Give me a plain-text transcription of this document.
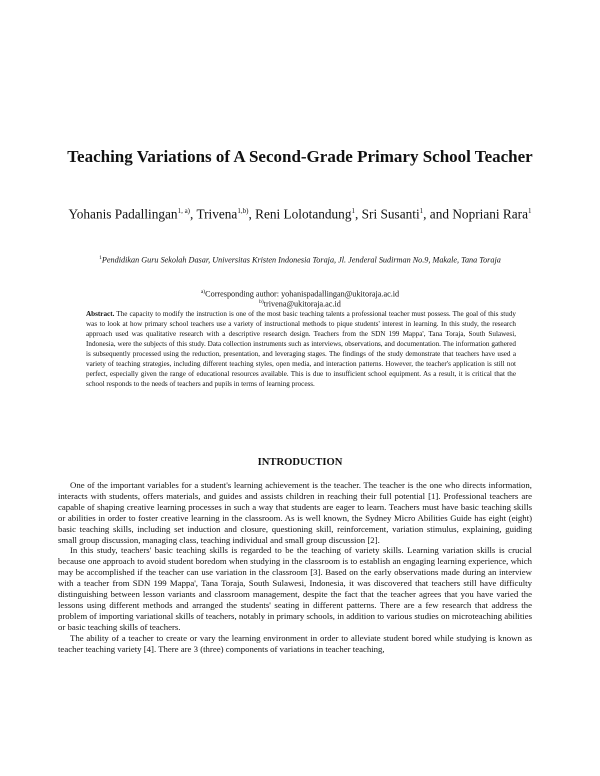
Teaching Variations of A Second-Grade Primary School Teacher
Yohanis Padallingan$^{1, a)}$, Trivena$^{1,b)}$, Reni Lolotandung$^1$, Sri Susanti$^1$, and Nopriani Rara$^1$
$^1$Pendidikan Guru Sekolah Dasar, Universitas Kristen Indonesia Toraja, Jl. Jenderal Sudirman No.9, Makale, Tana Toraja
$^{a)}$Corresponding author: yohanispadallingan@ukitoraja.ac.id
$^{b)}$trivena@ukitoraja.ac.id
Abstract. The capacity to modify the instruction is one of the most basic teaching talents a professional teacher must possess. The goal of this study was to look at how primary school teachers use a variety of instructional methods to pique students' interest in learning. In this study, the research approach used was qualitative research with a descriptive research design. Teachers from the SDN 199 Mappa', Tana Toraja, South Sulawesi, Indonesia, were the subjects of this study. Data collection instruments such as interviews, observations, and documentation. The information gathered is subsequently processed using the reduction, presentation, and leveraging stages. The findings of the study demonstrate that teachers have used a variety of teaching strategies, including different teaching styles, open media, and interaction patterns. However, the teacher's application is still not perfect, especially given the range of educational resources available. This is due to insufficient school equipment. As a result, it is critical that the school responds to the needs of teachers and pupils in terms of learning process.
INTRODUCTION

One of the important variables for a student's learning achievement is the teacher. The teacher is the one who directs information, interacts with students, offers materials, and guides and assists children in reaching their full potential [1]. Professional teachers are capable of shaping creative learning processes in such a way that students are eager to learn. Teachers must have basic teaching skills or abilities in order to foster creative learning in the classroom. As is well known, the Sydney Micro Abilities Guide has eight (eight) basic teaching skills, including set induction and closure, questioning skill, reinforcement, variation stimulus, explaining, guiding small group discussion, managing class, teaching individual and small group discussion [2].

In this study, teachers' basic teaching skills is regarded to be the teaching of variety skills. Learning variation skills is crucial because one approach to avoid student boredom when studying in the classroom is to establish an engaging learning experience, which may be accomplished if the teacher can use variation in the classroom [3]. Based on the early observations made during an interview with a teacher from SDN 199 Mappa', Tana Toraja, South Sulawesi, Indonesia, it was discovered that teachers still have difficulty distinguishing between lesson variants and classroom management, despite the fact that the teacher agrees that you have varied the lessons using different methods and arranged the students' seating in different patterns. There are a few research that address the problem of importing variational skills of teachers, notably in primary schools, in addition to various studies on microteaching abilities or basic teaching skills of teachers.

The ability of a teacher to create or vary the learning environment in order to alleviate student bored while studying is known as teacher teaching variety [4]. There are 3 (three) components of variations in teacher teaching,
